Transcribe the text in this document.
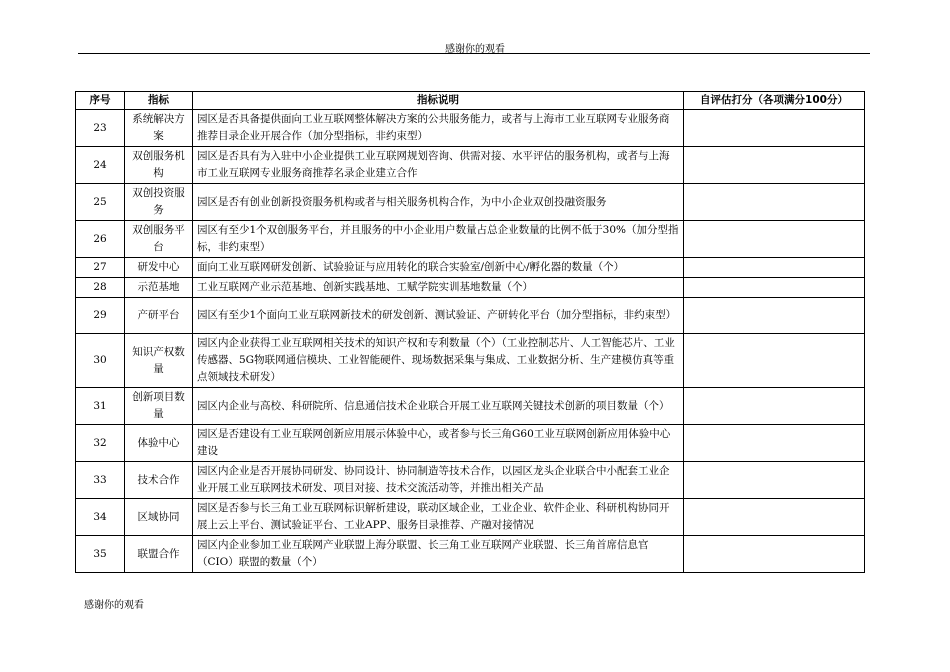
感谢你的观看
序号	指标	指标说明	自评估打分（各项满分100分）
23	系统解决方案	园区是否具备提供面向工业互联网整体解决方案的公共服务能力，或者与上海市工业互联网专业服务商推荐目录企业开展合作（加分型指标，非约束型）	
24	双创服务机构	园区是否具有为入驻中小企业提供工业互联网规划咨询、供需对接、水平评估的服务机构，或者与上海市工业互联网专业服务商推荐名录企业建立合作	
25	双创投资服务	园区是否有创业创新投资服务机构或者与相关服务机构合作，为中小企业双创投融资服务	
26	双创服务平台	园区有至少1个双创服务平台，并且服务的中小企业用户数量占总企业数量的比例不低于30%（加分型指标，非约束型）	
27	研发中心	面向工业互联网研发创新、试验验证与应用转化的联合实验室/创新中心/孵化器的数量（个）	
28	示范基地	工业互联网产业示范基地、创新实践基地、工赋学院实训基地数量（个）	
29	产研平台	园区有至少1个面向工业互联网新技术的研发创新、测试验证、产研转化平台（加分型指标，非约束型）	
30	知识产权数量	园区内企业获得工业互联网相关技术的知识产权和专利数量（个）（工业控制芯片、人工智能芯片、工业传感器、5G物联网通信模块、工业智能硬件、现场数据采集与集成、工业数据分析、生产建模仿真等重点领域技术研发）	
31	创新项目数量	园区内企业与高校、科研院所、信息通信技术企业联合开展工业互联网关键技术创新的项目数量（个）	
32	体验中心	园区是否建设有工业互联网创新应用展示体验中心，或者参与长三角G60工业互联网创新应用体验中心建设	
33	技术合作	园区内企业是否开展协同研发、协同设计、协同制造等技术合作，以园区龙头企业联合中小配套工业企业开展工业互联网技术研发、项目对接、技术交流活动等，并推出相关产品	
34	区域协同	园区是否参与长三角工业互联网标识解析建设，联动区域企业，工业企业、软件企业、科研机构协同开展上云上平台、测试验证平台、工业APP、服务目录推荐、产融对接情况	
35	联盟合作	园区内企业参加工业互联网产业联盟上海分联盟、长三角工业互联网产业联盟、长三角首席信息官（CIO）联盟的数量（个）	
感谢你的观看
